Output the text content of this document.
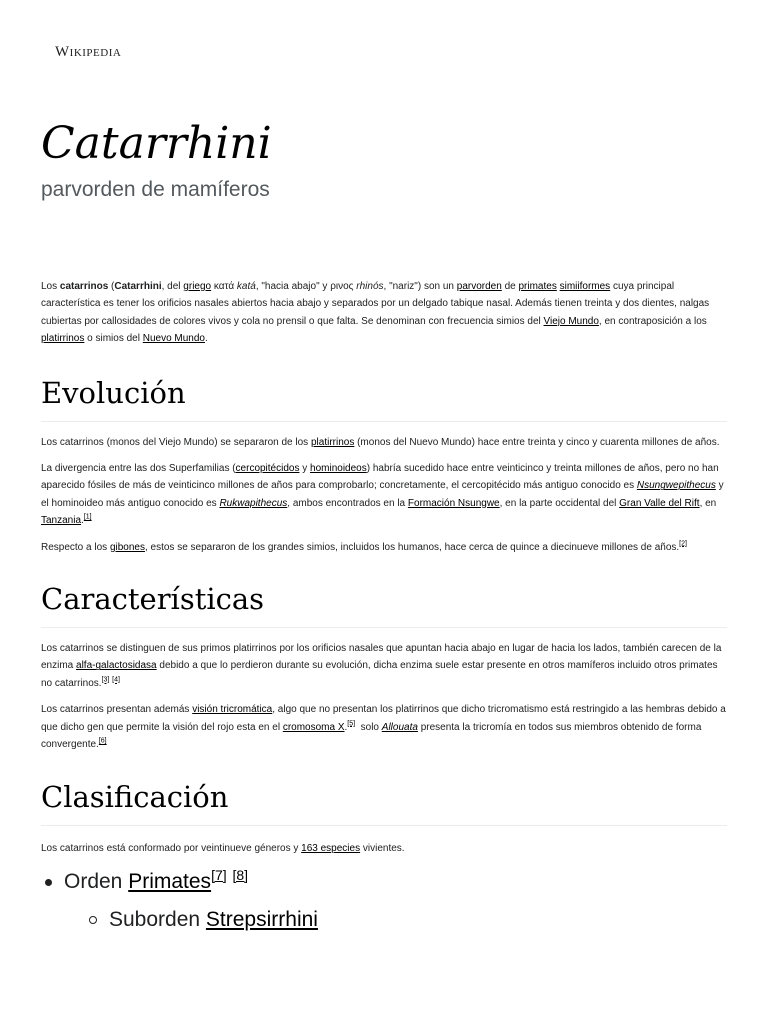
Wikipedia
Catarrhini
parvorden de mamíferos

Los catarrinos (Catarrhini, del griego κατά katá, "hacia abajo" y ρινος rhinós, "nariz") son un parvorden de primates simiiformes cuya principal característica es tener los orificios nasales abiertos hacia abajo y separados por un delgado tabique nasal. Además tienen treinta y dos dientes, nalgas cubiertas por callosidades de colores vivos y cola no prensil o que falta. Se denominan con frecuencia simios del Viejo Mundo, en contraposición a los platirrinos o simios del Nuevo Mundo.

Evolución

Los catarrinos (monos del Viejo Mundo) se separaron de los platirrinos (monos del Nuevo Mundo) hace entre treinta y cinco y cuarenta millones de años.

La divergencia entre las dos Superfamilias (cercopitécidos y hominoideos) habría sucedido hace entre veinticinco y treinta millones de años, pero no han aparecido fósiles de más de veinticinco millones de años para comprobarlo; concretamente, el cercopitécido más antiguo conocido es Nsungwepithecus y el hominoideo más antiguo conocido es Rukwapithecus, ambos encontrados en la Formación Nsungwe, en la parte occidental del Gran Valle del Rift, en Tanzania.[1]

Respecto a los gibones, estos se separaron de los grandes simios, incluidos los humanos, hace cerca de quince a diecinueve millones de años.[2]

Características

Los catarrinos se distinguen de sus primos platirrinos por los orificios nasales que apuntan hacia abajo en lugar de hacia los lados, también carecen de la enzima alfa-galactosidasa debido a que lo perdieron durante su evolución, dicha enzima suele estar presente en otros mamíferos incluido otros primates no catarrinos.[3] [4]

Los catarrinos presentan además visión tricromática, algo que no presentan los platirrinos que dicho tricromatismo está restringido a las hembras debido a que dicho gen que permite la visión del rojo esta en el cromosoma X.[5]  solo Allouata presenta la tricromía en todos sus miembros obtenido de forma convergente.[6]

Clasificación

Los catarrinos está conformado por veintinueve géneros y 163 especies vivientes.

Orden Primates[7] [8]
Suborden Strepsirrhini
